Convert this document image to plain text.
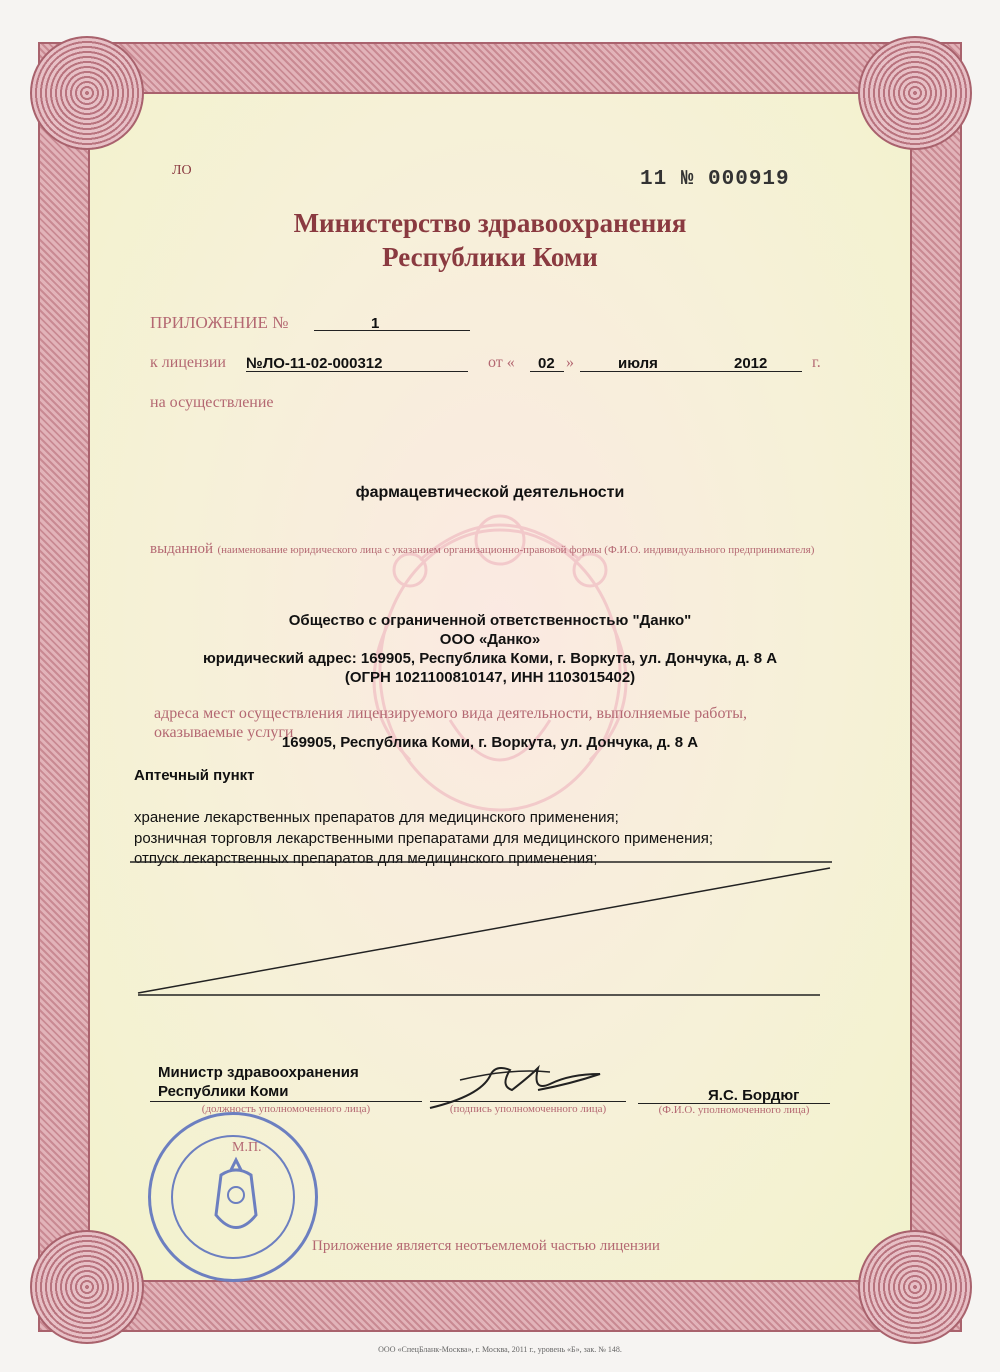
ЛО	11 № 000919
Министерство здравоохранения
Республики Коми
ПРИЛОЖЕНИЕ №	1
к лицензии №ЛО-11-02-000312	от « 02 »	июля	2012	г.
на осуществление
фармацевтической деятельности
выданной (наименование юридического лица с указанием организационно-правовой формы (Ф.И.О. индивидуального предпринимателя)
Общество с ограниченной ответственностью "Данко"
ООО «Данко»
юридический адрес: 169905, Республика Коми, г. Воркута, ул. Дончука, д. 8 А
(ОГРН 1021100810147, ИНН 1103015402)
адреса мест осуществления лицензируемого вида деятельности, выполняемые работы, оказываемые услуги
169905, Республика Коми, г. Воркута, ул. Дончука, д. 8 А
Аптечный пункт
хранение лекарственных препаратов для медицинского применения;
розничная торговля лекарственными препаратами для медицинского применения;
отпуск лекарственных препаратов для медицинского применения;
Министр здравоохранения
Республики Коми
(должность уполномоченного лица)	(подпись уполномоченного лица)
Я.С. Бордюг
(Ф.И.О. уполномоченного лица)
М.П.
Приложение является неотъемлемой частью лицензии
ООО «СпецБланк-Москва», г. Москва, 2011 г., уровень «Б», зак. № 148.
